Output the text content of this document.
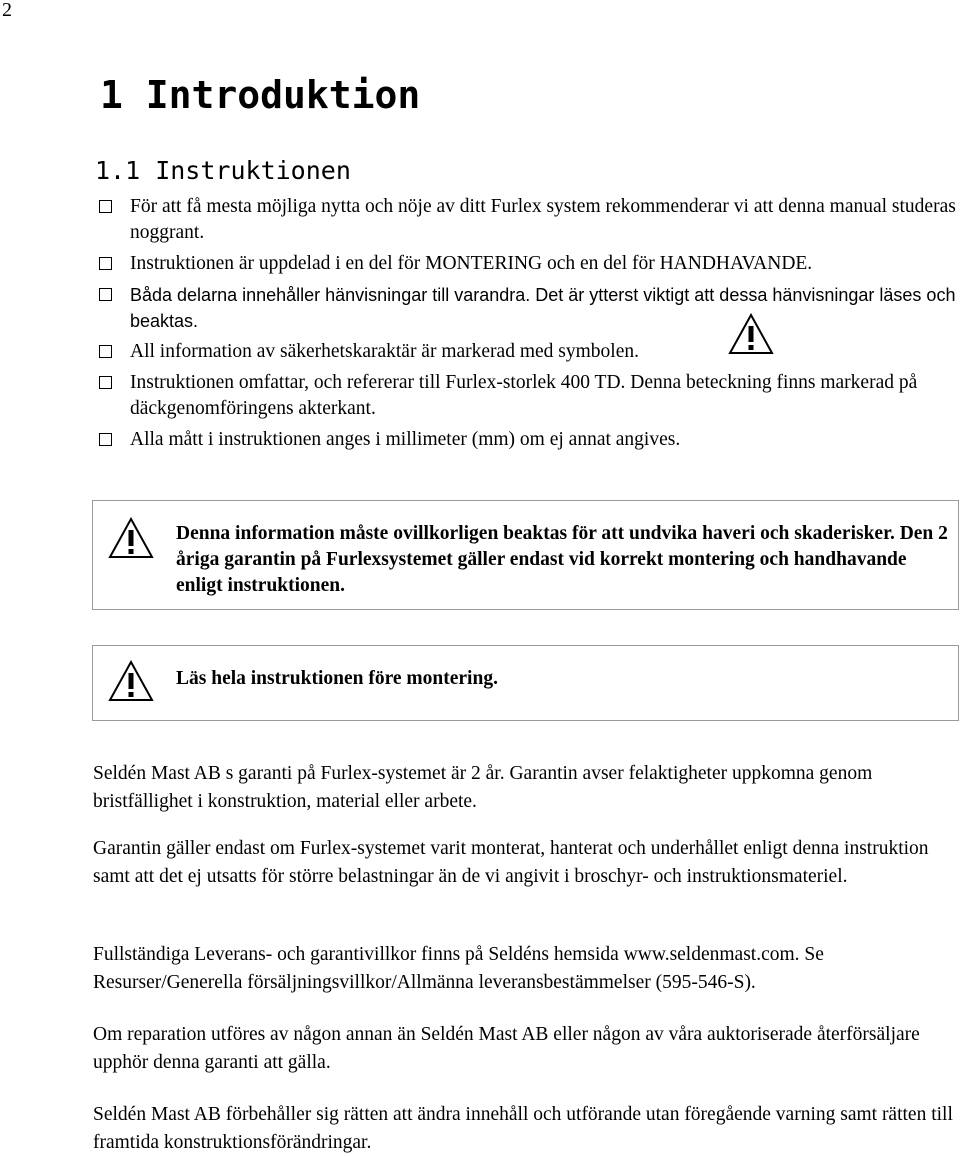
2
1 Introduktion
1.1 Instruktionen
För att få mesta möjliga nytta och nöje av ditt Furlex system rekommenderar vi att denna manual studeras noggrant.
Instruktionen är uppdelad i en del för MONTERING och en del för HANDHAVANDE.
Båda delarna innehåller hänvisningar till varandra. Det är ytterst viktigt att dessa hänvisningar läses och beaktas.
All information av säkerhetskaraktär är markerad med symbolen.
Instruktionen omfattar, och refererar till Furlex-storlek 400 TD. Denna beteckning finns markerad på däckgenomföringens akterkant.
Alla mått i instruktionen anges i millimeter (mm) om ej annat angives.
Denna information måste ovillkorligen beaktas för att undvika haveri och skaderisker. Den 2 åriga garantin på Furlexsystemet gäller endast vid korrekt montering och handhavande enligt instruktionen.
Läs hela instruktionen före montering.

Seldén Mast AB s garanti på Furlex-systemet är 2 år. Garantin avser felaktigheter uppkomna genom bristfällighet i konstruktion, material eller arbete.

Garantin gäller endast om Furlex-systemet varit monterat, hanterat och underhållet enligt denna instruktion samt att det ej utsatts för större belastningar än de vi angivit i broschyr- och instruktionsmateriel.

Fullständiga Leverans- och garantivillkor finns på Seldéns hemsida www.seldenmast.com. Se Resurser/Generella försäljningsvillkor/Allmänna leveransbestämmelser (595-546-S).

Om reparation utföres av någon annan än Seldén Mast AB eller någon av våra auktoriserade återförsäljare upphör denna garanti att gälla.

Seldén Mast AB förbehåller sig rätten att ändra innehåll och utförande utan föregående varning samt rätten till framtida konstruktionsförändringar.
